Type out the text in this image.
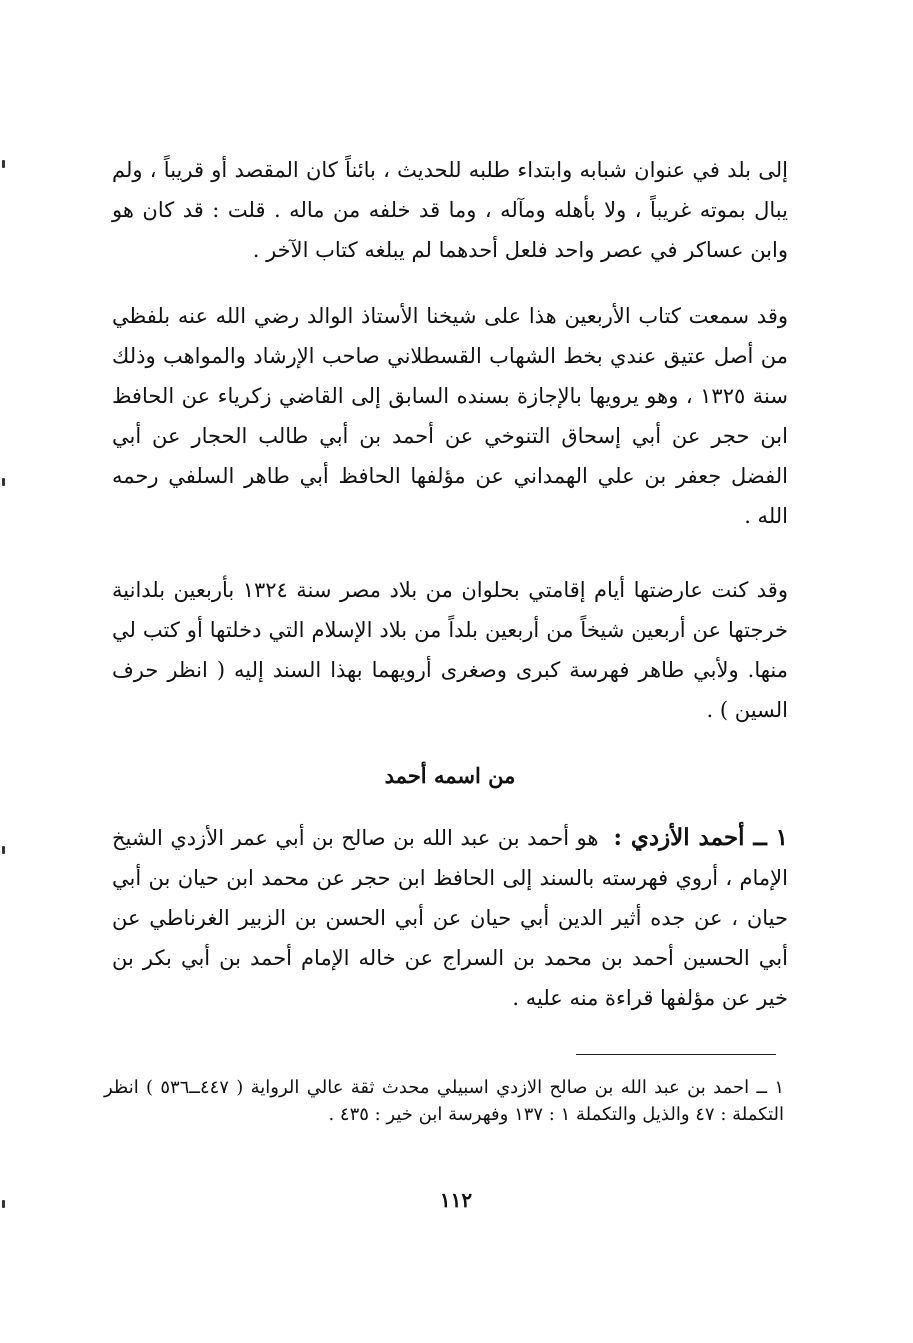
إلى بلد في عنوان شبابه وابتداء طلبه للحديث ، بائناً كان المقصد أو قريباً ، ولم يبال بموته غريباً ، ولا بأهله ومآله ، وما قد خلفه من ماله . قلت : قد كان هو وابن عساكر في عصر واحد فلعل أحدهما لم يبلغه كتاب الآخر .

وقد سمعت كتاب الأربعين هذا على شيخنا الأستاذ الوالد رضي الله عنه بلفظي من أصل عتيق عندي بخط الشهاب القسطلاني صاحب الإرشاد والمواهب وذلك سنة ١٣٢٥ ، وهو يرويها بالإجازة بسنده السابق إلى القاضي زكرياء عن الحافظ ابن حجر عن أبي إسحاق التنوخي عن أحمد بن أبي طالب الحجار عن أبي الفضل جعفر بن علي الهمداني عن مؤلفها الحافظ أبي طاهر السلفي رحمه الله .

وقد كنت عارضتها أيام إقامتي بحلوان من بلاد مصر سنة ١٣٢٤ بأربعين بلدانية خرجتها عن أربعين شيخاً من أربعين بلداً من بلاد الإسلام التي دخلتها أو كتب لي منها. ولأبي طاهر فهرسة كبرى وصغرى أرويهما بهذا السند إليه ( انظر حرف السين ) .

من اسمه أحمد

١ ــ أحمد الأزدي :  هو أحمد بن عبد الله بن صالح بن أبي عمر الأزدي الشيخ الإمام ، أروي فهرسته بالسند إلى الحافظ ابن حجر عن محمد ابن حيان بن أبي حيان ، عن جده أثير الدين أبي حيان عن أبي الحسن بن الزبير الغرناطي عن أبي الحسين أحمد بن محمد بن السراج عن خاله الإمام أحمد بن أبي بكر بن خير عن مؤلفها قراءة منه عليه .

١ ــ احمد بن عبد الله بن صالح الازدي اسبيلي محدث ثقة عالي الرواية ( ٤٤٧ــ٥٣٦ ) انظر التكملة : ٤٧ والذيل والتكملة ١ : ١٣٧ وفهرسة ابن خير : ٤٣٥ .

١١٢
